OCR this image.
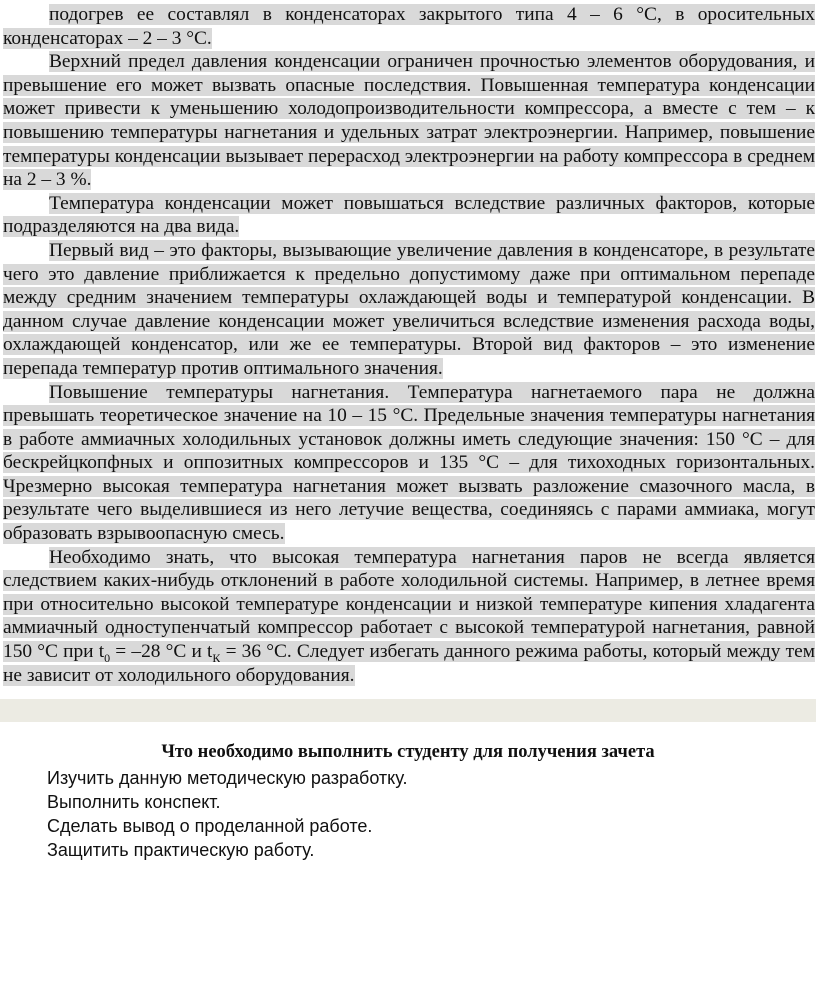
подогрев ее составлял в конденсаторах закрытого типа 4 – 6 °С, в оросительных конденсаторах – 2 – 3 °С.

Верхний предел давления конденсации ограничен прочностью элементов оборудования, и превышение его может вызвать опасные последствия. Повышенная температура конденсации может привести к уменьшению холодопроизводительности компрессора, а вместе с тем – к повышению температуры нагнетания и удельных затрат электроэнергии. Например, повышение температуры конденсации вызывает перерасход электроэнергии на работу компрессора в среднем на 2 – 3 %.

Температура конденсации может повышаться вследствие различных факторов, которые подразделяются на два вида.

Первый вид – это факторы, вызывающие увеличение давления в конденсаторе, в результате чего это давление приближается к предельно допустимому даже при оптимальном перепаде между средним значением температуры охлаждающей воды и температурой конденсации. В данном случае давление конденсации может увеличиться вследствие изменения расхода воды, охлаждающей конденсатор, или же ее температуры. Второй вид факторов – это изменение перепада температур против оптимального значения.

Повышение температуры нагнетания. Температура нагнетаемого пара не должна превышать теоретическое значение на 10 – 15 °С. Предельные значения температуры нагнетания в работе аммиачных холодильных установок должны иметь следующие значения: 150 °С – для бескрейцкопфных и оппозитных компрессоров и 135 °С – для тихоходных горизонтальных. Чрезмерно высокая температура нагнетания может вызвать разложение смазочного масла, в результате чего выделившиеся из него летучие вещества, соединяясь с парами аммиака, могут образовать взрывоопасную смесь.

Необходимо знать, что высокая температура нагнетания паров не всегда является следствием каких-нибудь отклонений в работе холодильной системы. Например, в летнее время при относительно высокой температуре конденсации и низкой температуре кипения хладагента аммиачный одноступенчатый компрессор работает с высокой температурой нагнетания, равной 150 °С при $t_0 = -28$ °С и $t_К = 36$ °С. Следует избегать данного режима работы, который между тем не зависит от холодильного оборудования.

Что необходимо выполнить студенту для получения зачета
Изучить данную методическую разработку.
Выполнить конспект.
Сделать вывод о проделанной работе.
Защитить практическую работу.
